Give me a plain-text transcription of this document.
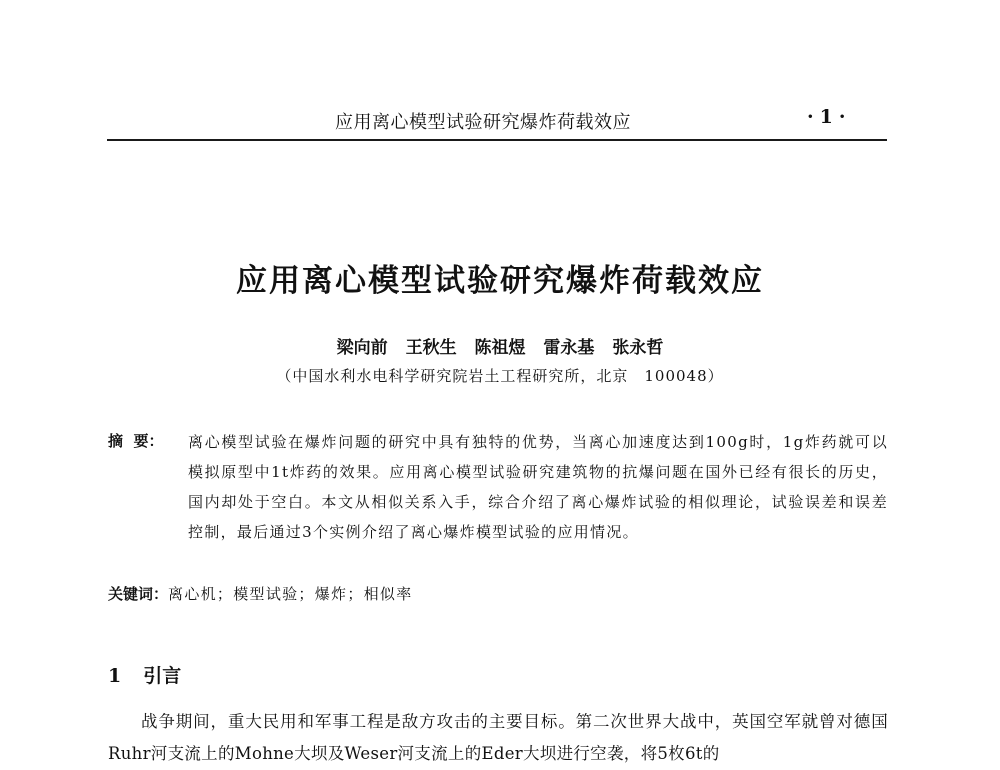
应用离心模型试验研究爆炸荷载效应	·1·
应用离心模型试验研究爆炸荷载效应
梁向前 王秋生 陈祖煜 雷永基 张永哲
（中国水利水电科学研究院岩土工程研究所，北京　100048）
摘  要： 离心模型试验在爆炸问题的研究中具有独特的优势，当离心加速度达到100g时，1g炸药就可以模拟原型中1t炸药的效果。应用离心模型试验研究建筑物的抗爆问题在国外已经有很长的历史，国内却处于空白。本文从相似关系入手，综合介绍了离心爆炸试验的相似理论，试验误差和误差控制，最后通过3个实例介绍了离心爆炸模型试验的应用情况。
关键词：离心机；模型试验；爆炸；相似率
1 引言
战争期间，重大民用和军事工程是敌方攻击的主要目标。第二次世界大战中，英国空军就曾对德国Ruhr河支流上的Mohne大坝及Weser河支流上的Eder大坝进行空袭，将5枚6t的
